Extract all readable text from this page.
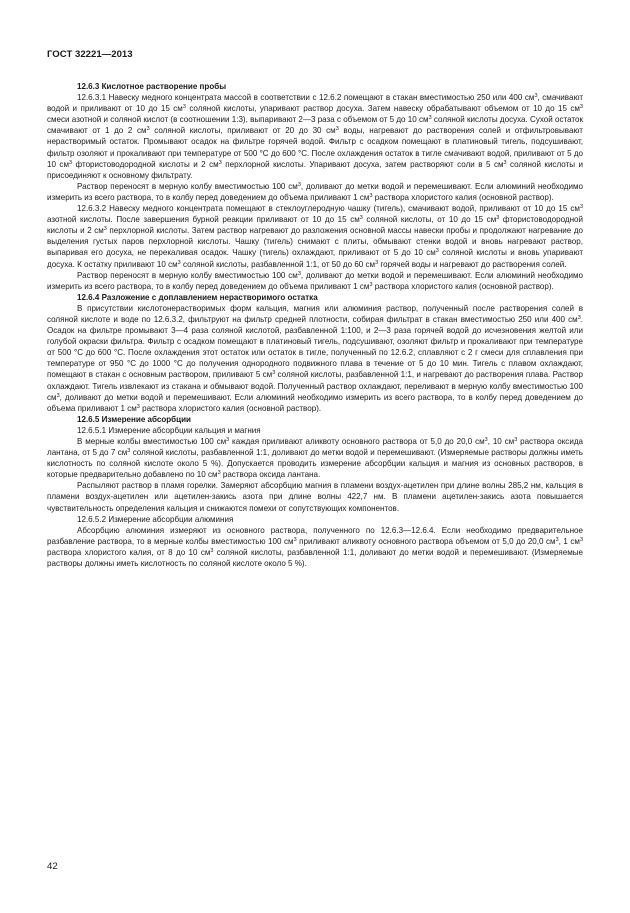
ГОСТ 32221—2013

12.6.3 Кислотное растворение пробы

12.6.3.1 Навеску медного концентрата массой в соответствии с 12.6.2 помещают в стакан вместимостью 250 или 400 $см^3$, смачивают водой и приливают от 10 до 15 $см^3$ соляной кислоты, упаривают раствор досуха. Затем навеску обрабатывают объемом от 10 до 15 $см^3$ смеси азотной и соляной кислот (в соотношении 1:3), выпаривают 2—3 раза с объемом от 5 до 10 $см^3$ соляной кислоты досуха. Сухой остаток смачивают от 1 до 2 $см^3$ соляной кислоты, приливают от 20 до 30 $см^3$ воды, нагревают до растворения солей и отфильтровывают нерастворимый остаток. Промывают осадок на фильтре горячей водой. Фильтр с осадком помещают в платиновый тигель, подсушивают, фильтр озоляют и прокаливают при температуре от 500 °С до 600 °С. После охлаждения остаток в тигле смачивают водой, приливают от 5 до 10 $см^3$ фтористоводородной кислоты и 2 $см^3$ перхлорной кислоты. Упаривают досуха, затем растворяют соли в 5 $см^3$ соляной кислоты и присоединяют к основному фильтрату.

Раствор переносят в мерную колбу вместимостью 100 $см^3$, доливают до метки водой и перемешивают. Если алюминий необходимо измерить из всего раствора, то в колбу перед доведением до объема приливают 1 $см^3$ раствора хлористого калия (основной раствор).

12.6.3.2 Навеску медного концентрата помещают в стеклоуглеродную чашку (тигель), смачивают водой, приливают от 10 до 15 $см^3$ азотной кислоты. После завершения бурной реакции приливают от 10 до 15 $см^3$ соляной кислоты, от 10 до 15 $см^3$ фтористоводородной кислоты и 2 $см^3$ перхлорной кислоты. Затем раствор нагревают до разложения основной массы навески пробы и продолжают нагревание до выделения густых паров перхлорной кислоты. Чашку (тигель) снимают с плиты, обмывают стенки водой и вновь нагревают раствор, выпаривая его досуха, не перекаливая осадок. Чашку (тигель) охлаждают, приливают от 5 до 10 $см^3$ соляной кислоты и вновь упаривают досуха. К остатку приливают 10 $см^3$ соляной кислоты, разбавленной 1:1, от 50 до 60 $см^3$ горячей воды и нагревают до растворения солей.

Раствор переносят в мерную колбу вместимостью 100 $см^3$, доливают до метки водой и перемешивают. Если алюминий необходимо измерить из всего раствора, то в колбу перед доведением до объема приливают 1 $см^3$ раствора хлористого калия (основной раствор).

12.6.4 Разложение с доплавлением нерастворимого остатка

В присутствии кислотонерастворимых форм кальция, магния или алюминия раствор, полученный после растворения солей в соляной кислоте и воде по 12.6.3.2, фильтруют на фильтр средней плотности, собирая фильтрат в стакан вместимостью 250 или 400 $см^3$. Осадок на фильтре промывают 3—4 раза соляной кислотой, разбавленной 1:100, и 2—3 раза горячей водой до исчезновения желтой или голубой окраски фильтра. Фильтр с осадком помещают в платиновый тигель, подсушивают, озоляют фильтр и прокаливают при температуре от 500 °С до 600 °С. После охлаждения этот остаток или остаток в тигле, полученный по 12.6.2, сплавляют с 2 г смеси для сплавления при температуре от 950 °С до 1000 °С до получения однородного подвижного плава в течение от 5 до 10 мин. Тигель с плавом охлаждают, помещают в стакан с основным раствором, приливают 5 $см^3$ соляной кислоты, разбавленной 1:1, и нагревают до растворения плава. Раствор охлаждают. Тигель извлекают из стакана и обмывают водой. Полученный раствор охлаждают, переливают в мерную колбу вместимостью 100 $см^3$, доливают до метки водой и перемешивают. Если алюминий необходимо измерить из всего раствора, то в колбу перед доведением до объема приливают 1 $см^3$ раствора хлористого калия (основной раствор).

12.6.5 Измерение абсорбции

12.6.5.1 Измерение абсорбции кальция и магния

В мерные колбы вместимостью 100 $см^3$ каждая приливают аликвоту основного раствора от 5,0 до 20,0 $см^3$, 10 $см^3$ раствора оксида лантана, от 5 до 7 $см^3$ соляной кислоты, разбавленной 1:1, доливают до метки водой и перемешивают. (Измеряемые растворы должны иметь кислотность по соляной кислоте около 5 %). Допускается проводить измерение абсорбции кальция и магния из основных растворов, в которые предварительно добавлено по 10 $см^3$ раствора оксида лантана.

Распыляют раствор в пламя горелки. Замеряют абсорбцию магния в пламени воздух-ацетилен при длине волны 285,2 нм, кальция в пламени воздух-ацетилен или ацетилен-закись азота при длине волны 422,7 нм. В пламени ацетилен-закись азота повышается чувствительность определения кальция и снижаются помехи от сопутствующих компонентов.

12.6.5.2 Измерение абсорбции алюминия

Абсорбцию алюминия измеряют из основного раствора, полученного по 12.6.3—12.6.4. Если необходимо предварительное разбавление раствора, то в мерные колбы вместимостью 100 $см^3$ приливают аликвоту основного раствора объемом от 5,0 до 20,0 $см^3$, 1 $см^3$ раствора хлористого калия, от 8 до 10 $см^3$ соляной кислоты, разбавленной 1:1, доливают до метки водой и перемешивают. (Измеряемые растворы должны иметь кислотность по соляной кислоте около 5 %).

42
